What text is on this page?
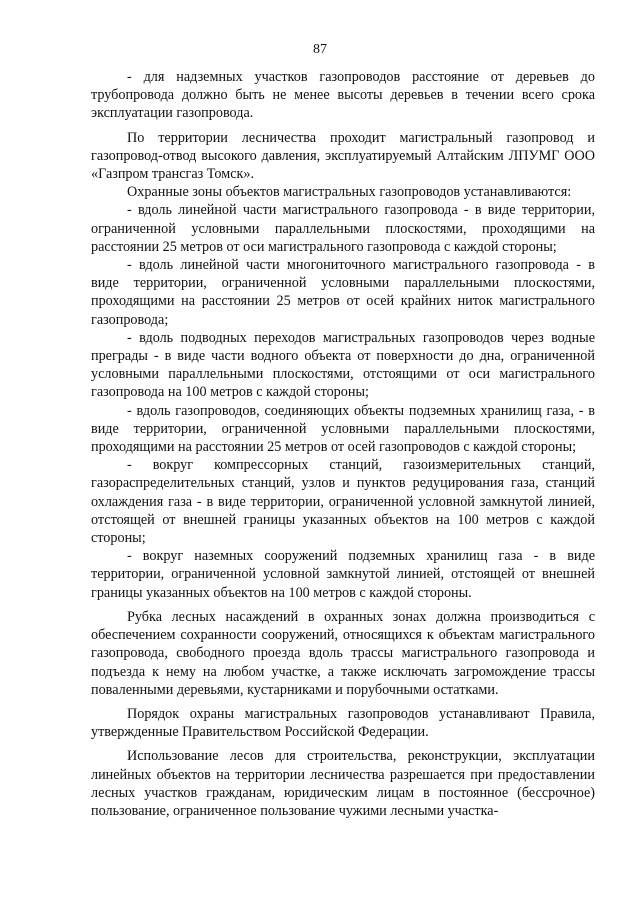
87

- для надземных участков газопроводов расстояние от деревьев до трубопровода должно быть не менее высоты деревьев в течении всего срока эксплуатации газопровода.

По территории лесничества проходит магистральный газопровод и газопровод-отвод высокого давления, эксплуатируемый Алтайским ЛПУМГ ООО «Газпром трансгаз Томск».

Охранные зоны объектов магистральных газопроводов устанавливаются:

- вдоль линейной части магистрального газопровода - в виде территории, ограниченной условными параллельными плоскостями, проходящими на расстоянии 25 метров от оси магистрального газопровода с каждой стороны;

- вдоль линейной части многониточного магистрального газопровода - в виде территории, ограниченной условными параллельными плоскостями, проходящими на расстоянии 25 метров от осей крайних ниток магистрального газопровода;

- вдоль подводных переходов магистральных газопроводов через водные преграды - в виде части водного объекта от поверхности до дна, ограниченной условными параллельными плоскостями, отстоящими от оси магистрального газопровода на 100 метров с каждой стороны;

- вдоль газопроводов, соединяющих объекты подземных хранилищ газа, - в виде территории, ограниченной условными параллельными плоскостями, проходящими на расстоянии 25 метров от осей газопроводов с каждой стороны;

- вокруг компрессорных станций, газоизмерительных станций, газораспределительных станций, узлов и пунктов редуцирования газа, станций охлаждения газа - в виде территории, ограниченной условной замкнутой линией, отстоящей от внешней границы указанных объектов на 100 метров с каждой стороны;

- вокруг наземных сооружений подземных хранилищ газа - в виде территории, ограниченной условной замкнутой линией, отстоящей от внешней границы указанных объектов на 100 метров с каждой стороны.

Рубка лесных насаждений в охранных зонах должна производиться с обеспечением сохранности сооружений, относящихся к объектам магистрального газопровода, свободного проезда вдоль трассы магистрального газопровода и подъезда к нему на любом участке, а также исключать загромождение трассы поваленными деревьями, кустарниками и порубочными остатками.

Порядок охраны магистральных газопроводов устанавливают Правила, утвержденные Правительством Российской Федерации.

Использование лесов для строительства, реконструкции, эксплуатации линейных объектов на территории лесничества разрешается при предоставлении лесных участков гражданам, юридическим лицам в постоянное (бессрочное) пользование, ограниченное пользование чужими лесными участка-
